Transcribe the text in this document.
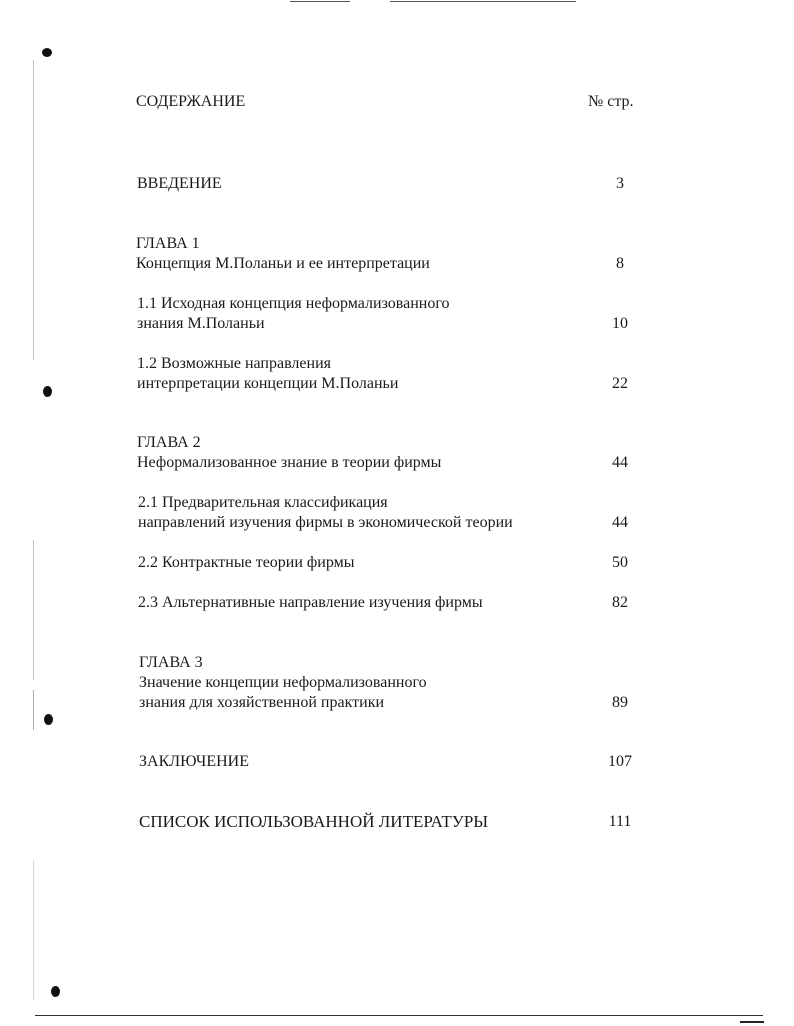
СОДЕРЖАНИЕ	№ стр.
ВВЕДЕНИЕ	3
ГЛАВА 1
Концепция М.Поланьи и ее интерпретации	8
1.1 Исходная концепция неформализованного
знания М.Поланьи	10
1.2 Возможные направления
интерпретации концепции М.Поланьи	22
ГЛАВА 2
Неформализованное знание в теории фирмы	44
2.1 Предварительная классификация
направлений изучения фирмы в экономической теории	44
2.2 Контрактные теории фирмы	50
2.3 Альтернативные направление изучения фирмы	82
ГЛАВА 3
Значение концепции неформализованного
знания для хозяйственной практики	89
ЗАКЛЮЧЕНИЕ	107
СПИСОК ИСПОЛЬЗОВАННОЙ ЛИТЕРАТУРЫ	111
